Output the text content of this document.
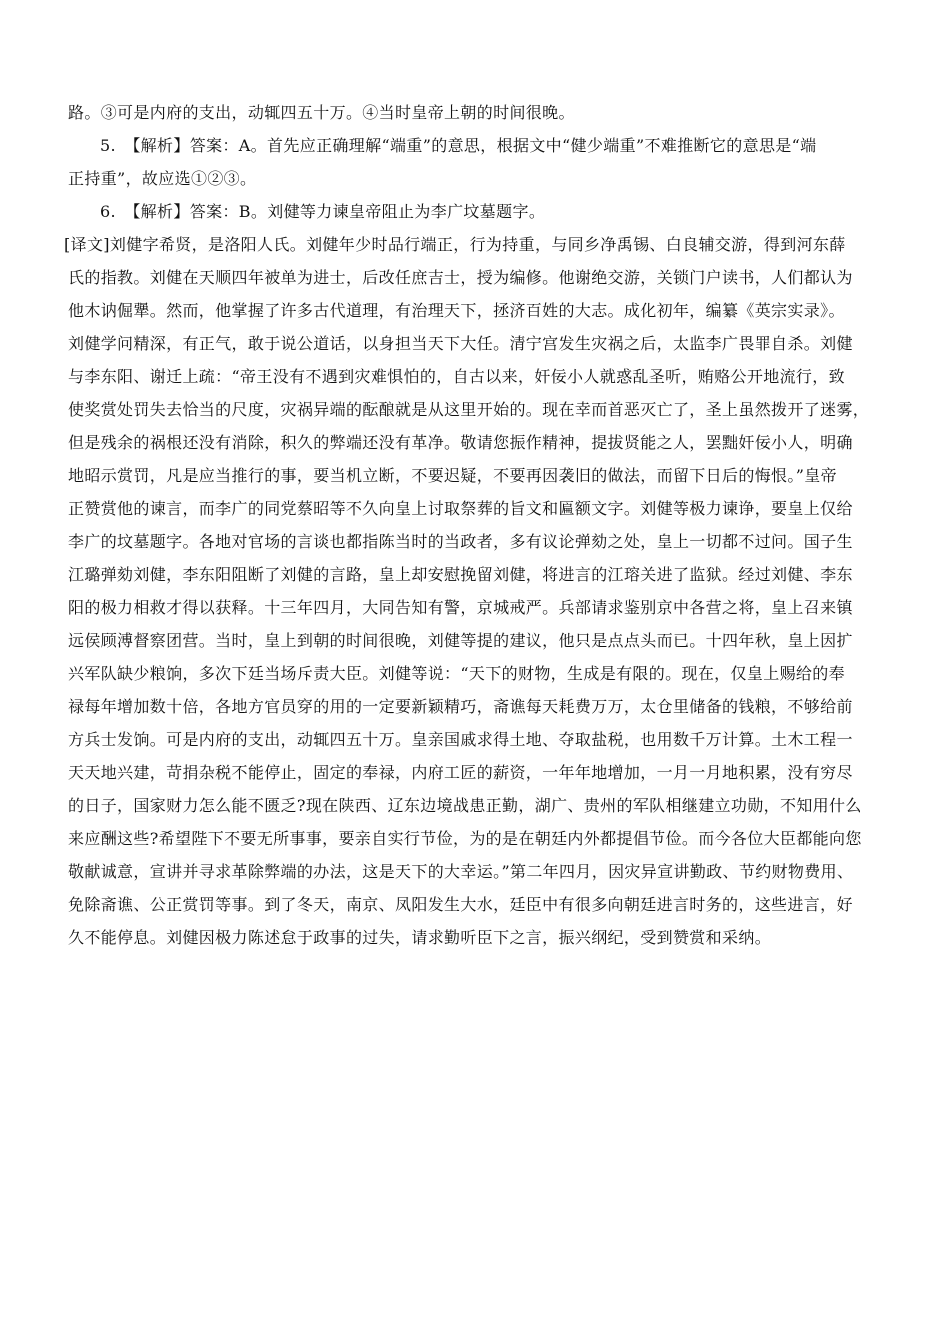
路。③可是内府的支出，动辄四五十万。④当时皇帝上朝的时间很晚。
5.　【解析】答案：A。首先应正确理解“端重”的意思，根据文中“健少端重”不难推断它的意思是“端
正持重”，故应选①②③。
6.　【解析】答案：B。刘健等力谏皇帝阻止为李广坟墓题字。
[译文]刘健字希贤，是洛阳人氏。刘健年少时品行端正，行为持重，与同乡净禹锡、白良辅交游，得到河东薛
氏的指教。刘健在天顺四年被单为进士，后改任庶吉士，授为编修。他谢绝交游，关锁门户读书，人们都认为
他木讷倔犟。然而，他掌握了许多古代道理，有治理天下，拯济百姓的大志。成化初年，编纂《英宗实录》。
刘健学问精深，有正气，敢于说公道话，以身担当天下大任。清宁宫发生灾祸之后，太监李广畏罪自杀。刘健
与李东阳、谢迁上疏：“帝王没有不遇到灾难惧怕的，自古以来，奸佞小人就惑乱圣听，贿赂公开地流行，致
使奖赏处罚失去恰当的尺度，灾祸异端的酝酿就是从这里开始的。现在幸而首恶灭亡了，圣上虽然拨开了迷雾，
但是残余的祸根还没有消除，积久的弊端还没有革净。敬请您振作精神，提拔贤能之人，罢黜奸佞小人，明确
地昭示赏罚，凡是应当推行的事，要当机立断，不要迟疑，不要再因袭旧的做法，而留下日后的悔恨。”皇帝
正赞赏他的谏言，而李广的同党蔡昭等不久向皇上讨取祭葬的旨文和匾额文字。刘健等极力谏诤，要皇上仅给
李广的坟墓题字。各地对官场的言谈也都指陈当时的当政者，多有议论弹劾之处，皇上一切都不过问。国子生
江璐弹劾刘健，李东阳阻断了刘健的言路，皇上却安慰挽留刘健，将进言的江瑢关进了监狱。经过刘健、李东
阳的极力相救才得以获释。十三年四月，大同告知有警，京城戒严。兵部请求鉴别京中各营之将，皇上召来镇
远侯顾溥督察团营。当时，皇上到朝的时间很晚，刘健等提的建议，他只是点点头而已。十四年秋，皇上因扩
兴军队缺少粮饷，多次下廷当场斥责大臣。刘健等说：“天下的财物，生成是有限的。现在，仅皇上赐给的奉
禄每年增加数十倍，各地方官员穿的用的一定要新颖精巧，斋谯每天耗费万万，太仓里储备的钱粮，不够给前
方兵士发饷。可是内府的支出，动辄四五十万。皇亲国戚求得土地、夺取盐税，也用数千万计算。土木工程一
天天地兴建，苛捐杂税不能停止，固定的奉禄，内府工匠的薪资，一年年地增加，一月一月地积累，没有穷尽
的日子，国家财力怎么能不匮乏?现在陕西、辽东边境战患正勤，湖广、贵州的军队相继建立功勋，不知用什么
来应酬这些?希望陛下不要无所事事，要亲自实行节俭，为的是在朝廷内外都提倡节俭。而今各位大臣都能向您
敬献诚意，宣讲并寻求革除弊端的办法，这是天下的大幸运。”第二年四月，因灾异宣讲勤政、节约财物费用、
免除斋谯、公正赏罚等事。到了冬天，南京、凤阳发生大水，廷臣中有很多向朝廷进言时务的，这些进言，好
久不能停息。刘健因极力陈述怠于政事的过失，请求勤听臣下之言，振兴纲纪，受到赞赏和采纳。
